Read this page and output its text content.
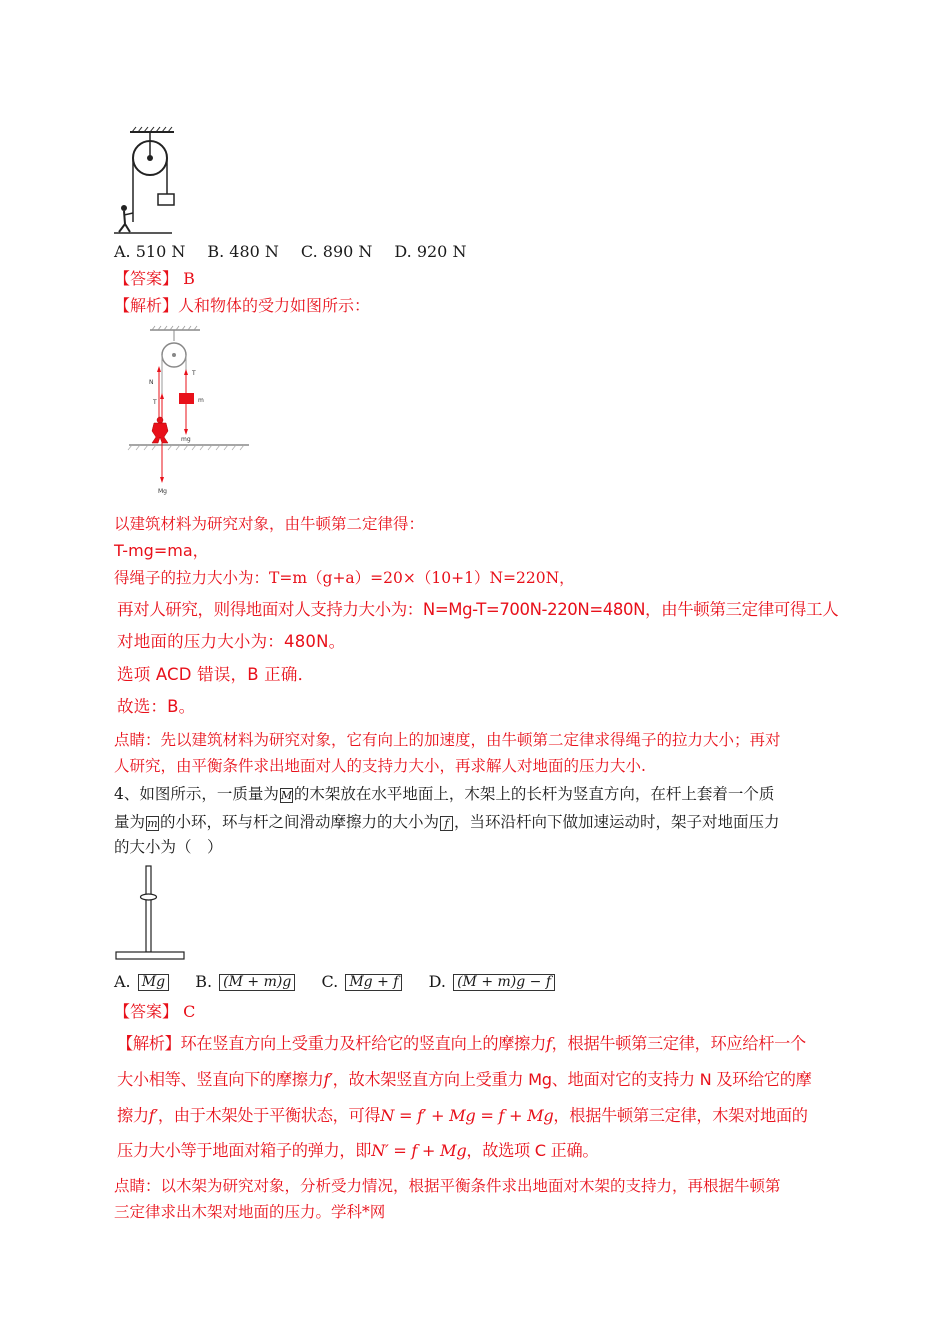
A. 510 N B. 480 N C. 890 N D. 920 N
【答案】 B
【解析】人和物体的受力如图所示：
m
T
mg
N
T
Mg
以建筑材料为研究对象，由牛顿第二定律得：
T-mg=ma，
得绳子的拉力大小为：T=m（g+a）=20×（10+1）N=220N，
再对人研究，则得地面对人支持力大小为：N=Mg-T=700N-220N=480N，由牛顿第三定律可得工人
对地面的压力大小为：480N。
选项 ACD 错误，B 正确．
故选：B。
点睛：先以建筑材料为研究对象，它有向上的加速度，由牛顿第二定律求得绳子的拉力大小；再对
人研究，由平衡条件求出地面对人的支持力大小，再求解人对地面的压力大小.
4、如图所示，一质量为 M 的木架放在水平地面上，木架上的长杆为竖直方向，在杆上套着一个质
量为 m 的小环，环与杆之间滑动摩擦力的大小为 f ，当环沿杆向下做加速运动时，架子对地面压力
的大小为（　）
A. Mg B. (M + m)g C. Mg + f D. (M + m)g − f
【答案】 C
【解析】环在竖直方向上受重力及杆给它的竖直向上的摩擦力f，根据牛顿第三定律，环应给杆一个
大小相等、竖直向下的摩擦力f′，故木架竖直方向上受重力 Mg、地面对它的支持力 N 及环给它的摩
擦力f′，由于木架处于平衡状态，可得N = f′ + Mg = f + Mg，根据牛顿第三定律，木架对地面的
压力大小等于地面对箱子的弹力，即N′ = f + Mg，故选项 C 正确。
点睛：以木架为研究对象，分析受力情况，根据平衡条件求出地面对木架的支持力，再根据牛顿第
三定律求出木架对地面的压力。学科*网
